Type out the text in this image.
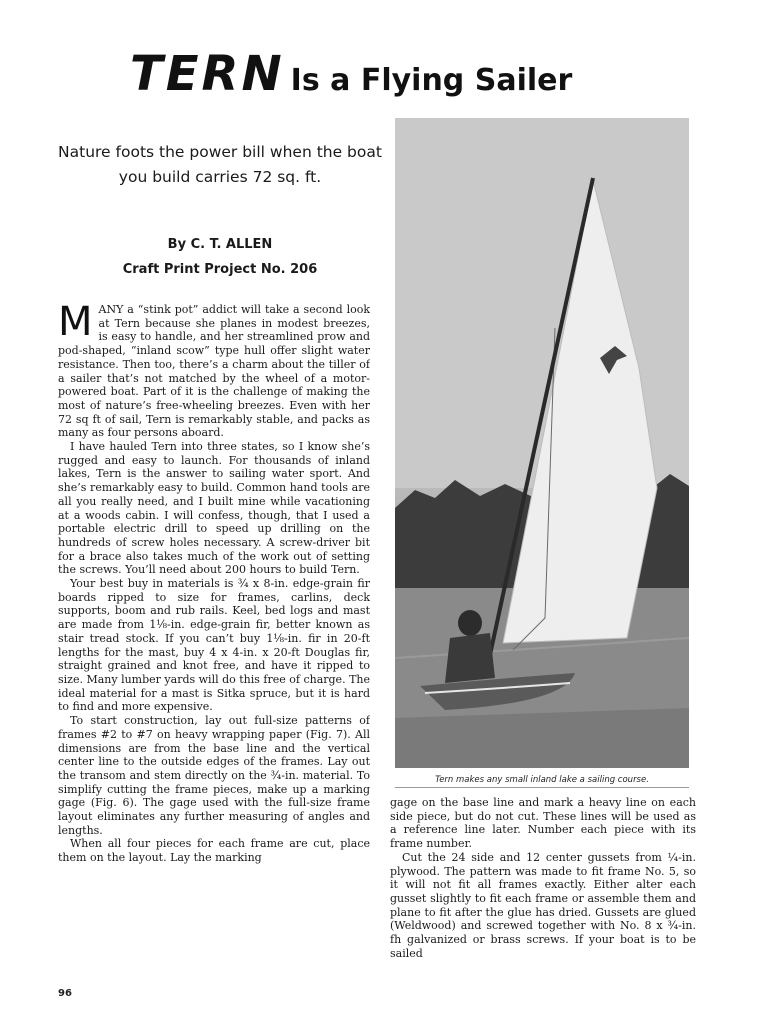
TERN Is a Flying Sailer
Nature foots the power bill when the boat you build carries 72 sq. ft.
By C. T. ALLEN
Craft Print Project No. 206

MANY a “stink pot” addict will take a second look at Tern because she planes in modest breezes, is easy to handle, and her streamlined prow and pod-shaped, “inland scow” type hull offer slight water resistance. Then too, there’s a charm about the tiller of a sailer that’s not matched by the wheel of a motor-powered boat. Part of it is the challenge of making the most of nature’s free-wheeling breezes. Even with her 72 sq ft of sail, Tern is remarkably stable, and packs as many as four persons aboard.

I have hauled Tern into three states, so I know she’s rugged and easy to launch. For thousands of inland lakes, Tern is the answer to sailing water sport. And she’s remarkably easy to build. Common hand tools are all you really need, and I built mine while vacationing at a woods cabin. I will confess, though, that I used a portable electric drill to speed up drilling on the hundreds of screw holes necessary. A screw-driver bit for a brace also takes much of the work out of setting the screws. You’ll need about 200 hours to build Tern.

Your best buy in materials is ¾ x 8-in. edge-grain fir boards ripped to size for frames, carlins, deck supports, boom and rub rails. Keel, bed logs and mast are made from 1⅛-in. edge-grain fir, better known as stair tread stock. If you can’t buy 1⅛-in. fir in 20-ft lengths for the mast, buy 4 x 4-in. x 20-ft Douglas fir, straight grained and knot free, and have it ripped to size. Many lumber yards will do this free of charge. The ideal material for a mast is Sitka spruce, but it is hard to find and more expensive.

To start construction, lay out full-size patterns of frames #2 to #7 on heavy wrapping paper (Fig. 7). All dimensions are from the base line and the vertical center line to the outside edges of the frames. Lay out the transom and stem directly on the ¾-in. material. To simplify cutting the frame pieces, make up a marking gage (Fig. 6). The gage used with the full-size frame layout eliminates any further measuring of angles and lengths.

When all four pieces for each frame are cut, place them on the layout. Lay the marking

Tern makes any small inland lake a sailing course.

gage on the base line and mark a heavy line on each side piece, but do not cut. These lines will be used as a reference line later. Number each piece with its frame number.

Cut the 24 side and 12 center gussets from ¼-in. plywood. The pattern was made to fit frame No. 5, so it will not fit all frames exactly. Either alter each gusset slightly to fit each frame or assemble them and plane to fit after the glue has dried. Gussets are glued (Weldwood) and screwed together with No. 8 x ¾-in. fh galvanized or brass screws. If your boat is to be sailed

96
